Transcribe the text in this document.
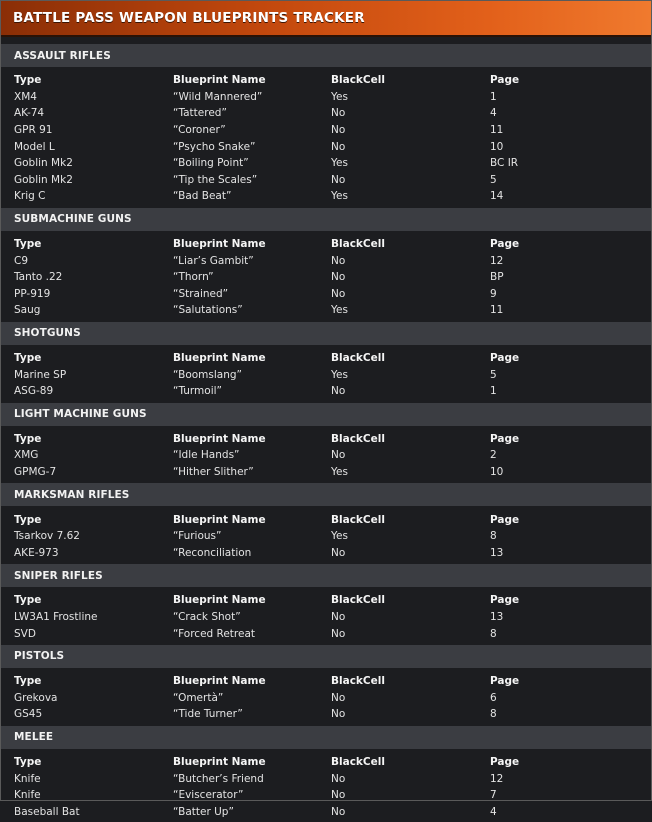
BATTLE PASS WEAPON BLUEPRINTS TRACKER
ASSAULT RIFLES
Type	Blueprint Name	BlackCell	Page
XM4	“Wild Mannered”	Yes	1
AK-74	“Tattered”	No	4
GPR 91	“Coroner”	No	11
Model L	“Psycho Snake”	No	10
Goblin Mk2	“Boiling Point”	Yes	BC IR
Goblin Mk2	“Tip the Scales”	No	5
Krig C	“Bad Beat”	Yes	14
SUBMACHINE GUNS
Type	Blueprint Name	BlackCell	Page
C9	“Liar’s Gambit”	No	12
Tanto .22	“Thorn”	No	BP
PP-919	“Strained”	No	9
Saug	“Salutations”	Yes	11
SHOTGUNS
Type	Blueprint Name	BlackCell	Page
Marine SP	“Boomslang”	Yes	5
ASG-89	“Turmoil”	No	1
LIGHT MACHINE GUNS
Type	Blueprint Name	BlackCell	Page
XMG	“Idle Hands”	No	2
GPMG-7	“Hither Slither”	Yes	10
MARKSMAN RIFLES
Type	Blueprint Name	BlackCell	Page
Tsarkov 7.62	“Furious”	Yes	8
AKE-973	“Reconciliation	No	13
SNIPER RIFLES
Type	Blueprint Name	BlackCell	Page
LW3A1 Frostline	“Crack Shot”	No	13
SVD	“Forced Retreat	No	8
PISTOLS
Type	Blueprint Name	BlackCell	Page
Grekova	“Omertà”	No	6
GS45	“Tide Turner”	No	8
MELEE
Type	Blueprint Name	BlackCell	Page
Knife	“Butcher’s Friend	No	12
Knife	“Eviscerator”	No	7
Baseball Bat	“Batter Up”	No	4
